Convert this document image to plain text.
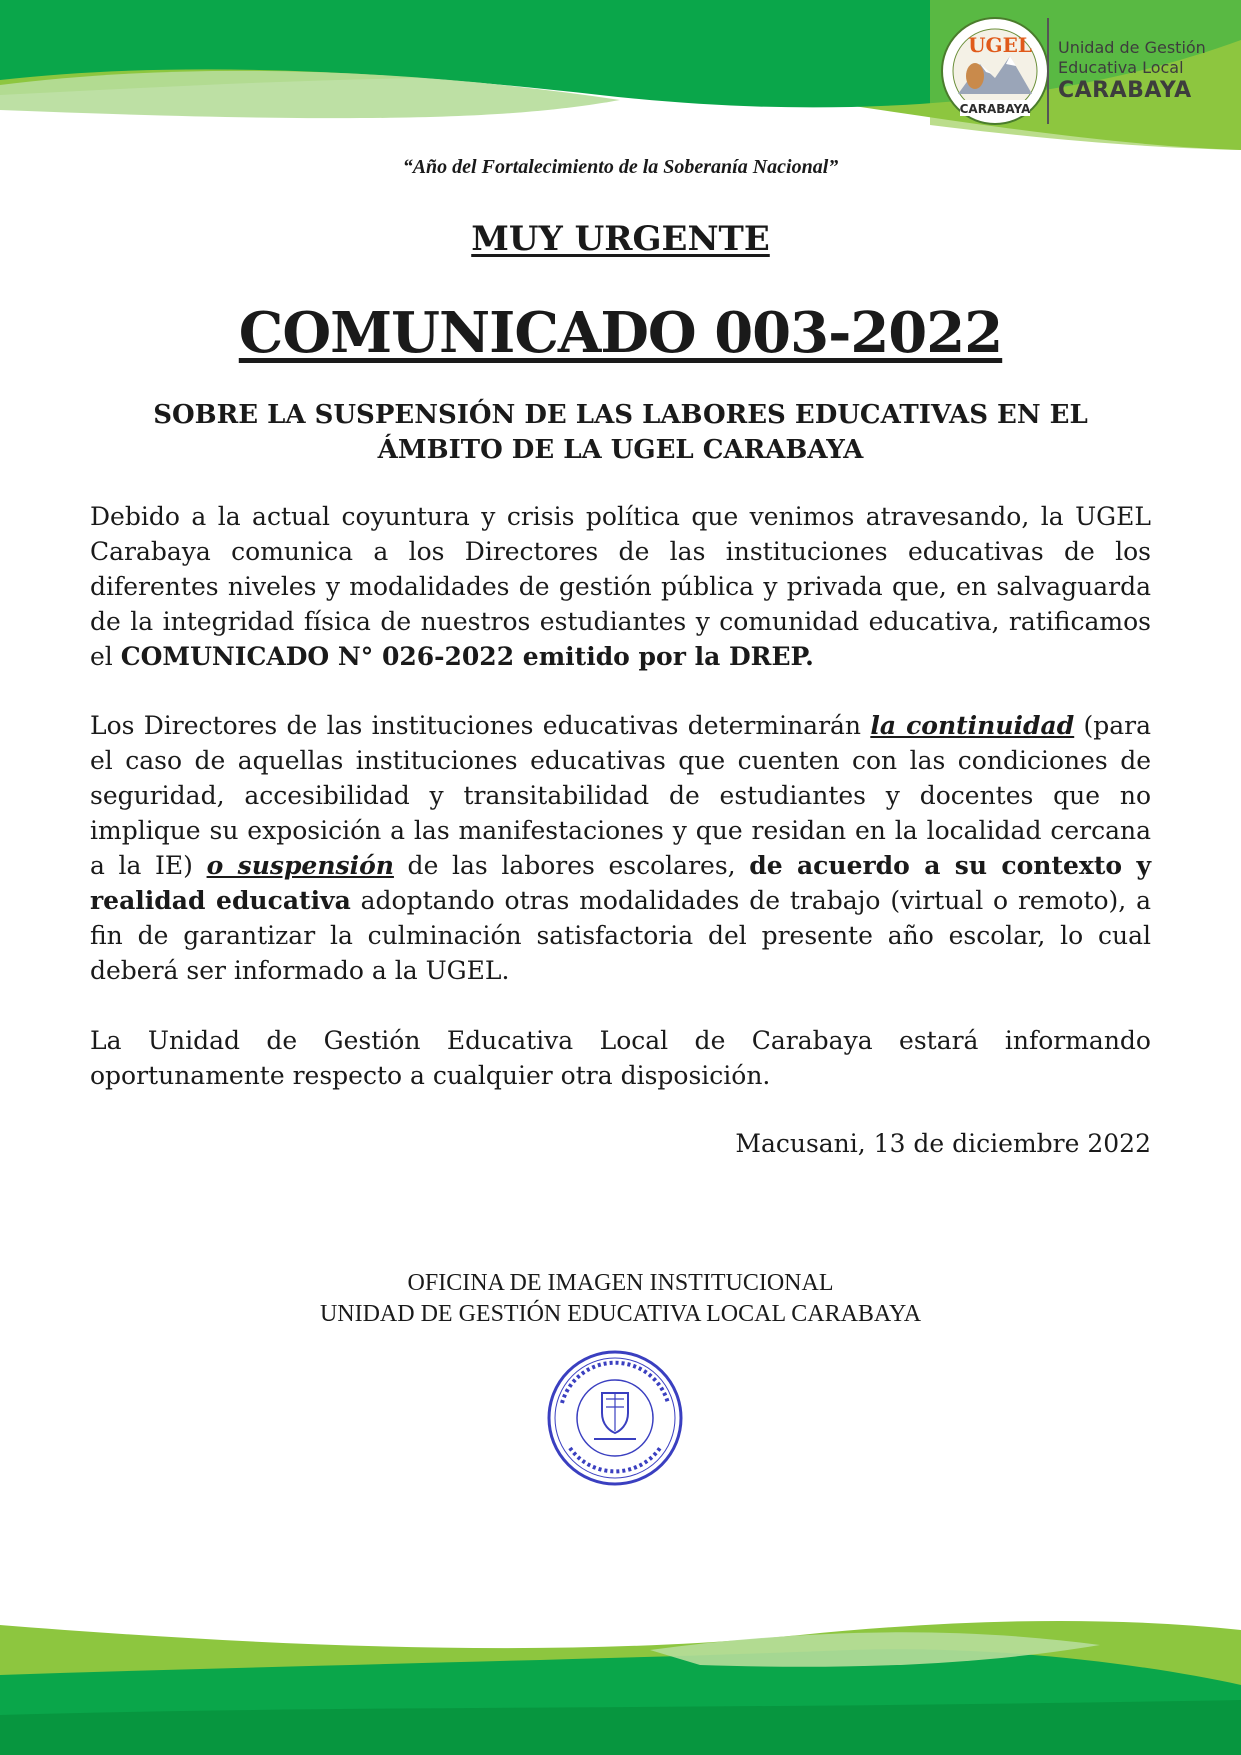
UGEL
CARABAYA
Unidad de Gestión
Educativa Local
CARABAYA
“Año del Fortalecimiento de la Soberanía Nacional”
MUY URGENTE
COMUNICADO 003-2022
SOBRE LA SUSPENSIÓN DE LAS LABORES EDUCATIVAS EN EL
ÁMBITO DE LA UGEL CARABAYA
Debido a la actual coyuntura y crisis política que venimos atravesando, la UGEL Carabaya comunica a los Directores de las instituciones educativas de los diferentes niveles y modalidades de gestión pública y privada que, en salvaguarda de la integridad física de nuestros estudiantes y comunidad educativa, ratificamos el COMUNICADO N° 026-2022 emitido por la DREP.
Los Directores de las instituciones educativas determinarán la continuidad (para el caso de aquellas instituciones educativas que cuenten con las condiciones de seguridad, accesibilidad y transitabilidad de estudiantes y docentes que no implique su exposición a las manifestaciones y que residan en la localidad cercana a la IE) o suspensión de las labores escolares, de acuerdo a su contexto y realidad educativa adoptando otras modalidades de trabajo (virtual o remoto), a fin de garantizar la culminación satisfactoria del presente año escolar, lo cual deberá ser informado a la UGEL.
La Unidad de Gestión Educativa Local de Carabaya estará informando oportunamente respecto a cualquier otra disposición.
Macusani, 13 de diciembre 2022
OFICINA DE IMAGEN INSTITUCIONAL
UNIDAD DE GESTIÓN EDUCATIVA LOCAL CARABAYA
